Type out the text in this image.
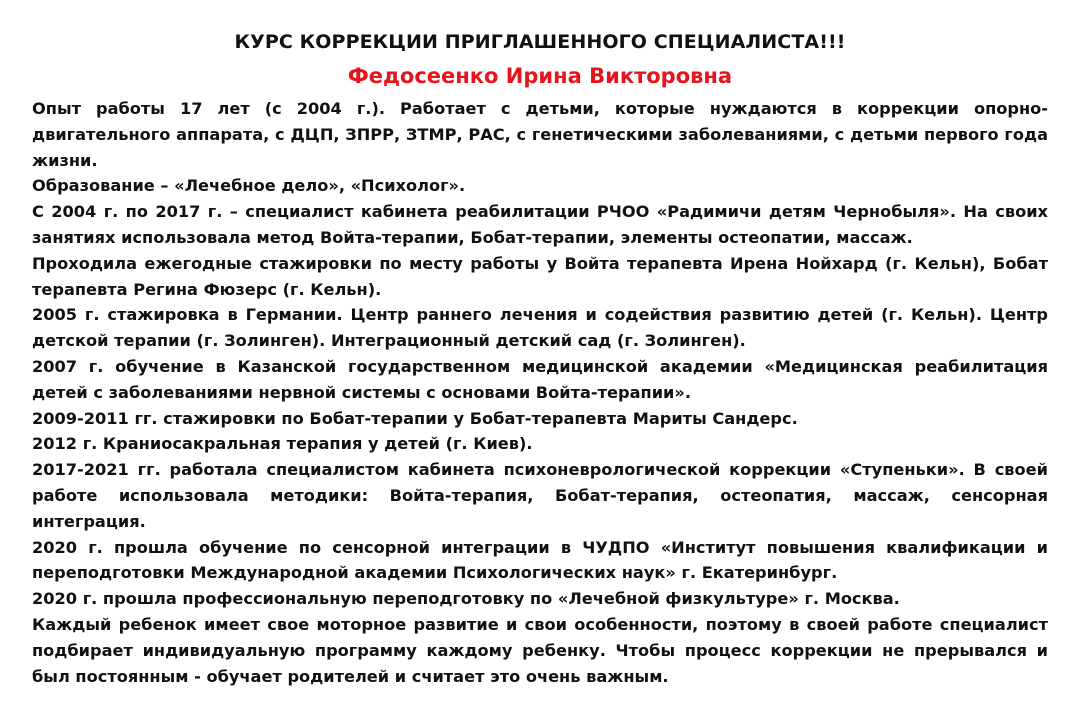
КУРС КОРРЕКЦИИ ПРИГЛАШЕННОГО СПЕЦИАЛИСТА!!!
Федосеенко Ирина Викторовна

Опыт работы 17 лет (с 2004 г.). Работает с детьми, которые нуждаются в коррекции опорно-двигательного аппарата, с ДЦП, ЗПРР, ЗТМР, РАС, с генетическими заболеваниями, с детьми первого года жизни.

Образование – «Лечебное дело», «Психолог».

С 2004 г. по 2017 г. – специалист кабинета реабилитации РЧОО «Радимичи детям Чернобыля». На своих занятиях использовала метод Войта-терапии, Бобат-терапии, элементы остеопатии, массаж.

Проходила ежегодные стажировки по месту работы у Войта терапевта Ирена Нойхард (г. Кельн), Бобат терапевта Регина Фюзерс (г. Кельн).

2005 г. стажировка в Германии. Центр раннего лечения и содействия развитию детей (г. Кельн). Центр детской терапии (г. Золинген). Интеграционный детский сад (г. Золинген).

2007 г. обучение в Казанской государственном медицинской академии «Медицинская реабилитация детей с заболеваниями нервной системы с основами Войта-терапии».

2009-2011 гг. стажировки по Бобат-терапии у Бобат-терапевта Мариты Сандерс.

2012 г. Краниосакральная терапия у детей (г. Киев).

2017-2021 гг. работала специалистом кабинета психоневрологической коррекции «Ступеньки». В своей работе использовала методики: Войта-терапия, Бобат-терапия, остеопатия, массаж, сенсорная интеграция.

2020 г. прошла обучение по сенсорной интеграции в ЧУДПО «Институт повышения квалификации и переподготовки Международной академии Психологических наук» г. Екатеринбург.

2020 г. прошла профессиональную переподготовку по «Лечебной физкультуре» г. Москва.

Каждый ребенок имеет свое моторное развитие и свои особенности, поэтому в своей работе специалист подбирает индивидуальную программу каждому ребенку. Чтобы процесс коррекции не прерывался и был постоянным - обучает родителей и считает это очень важным.
